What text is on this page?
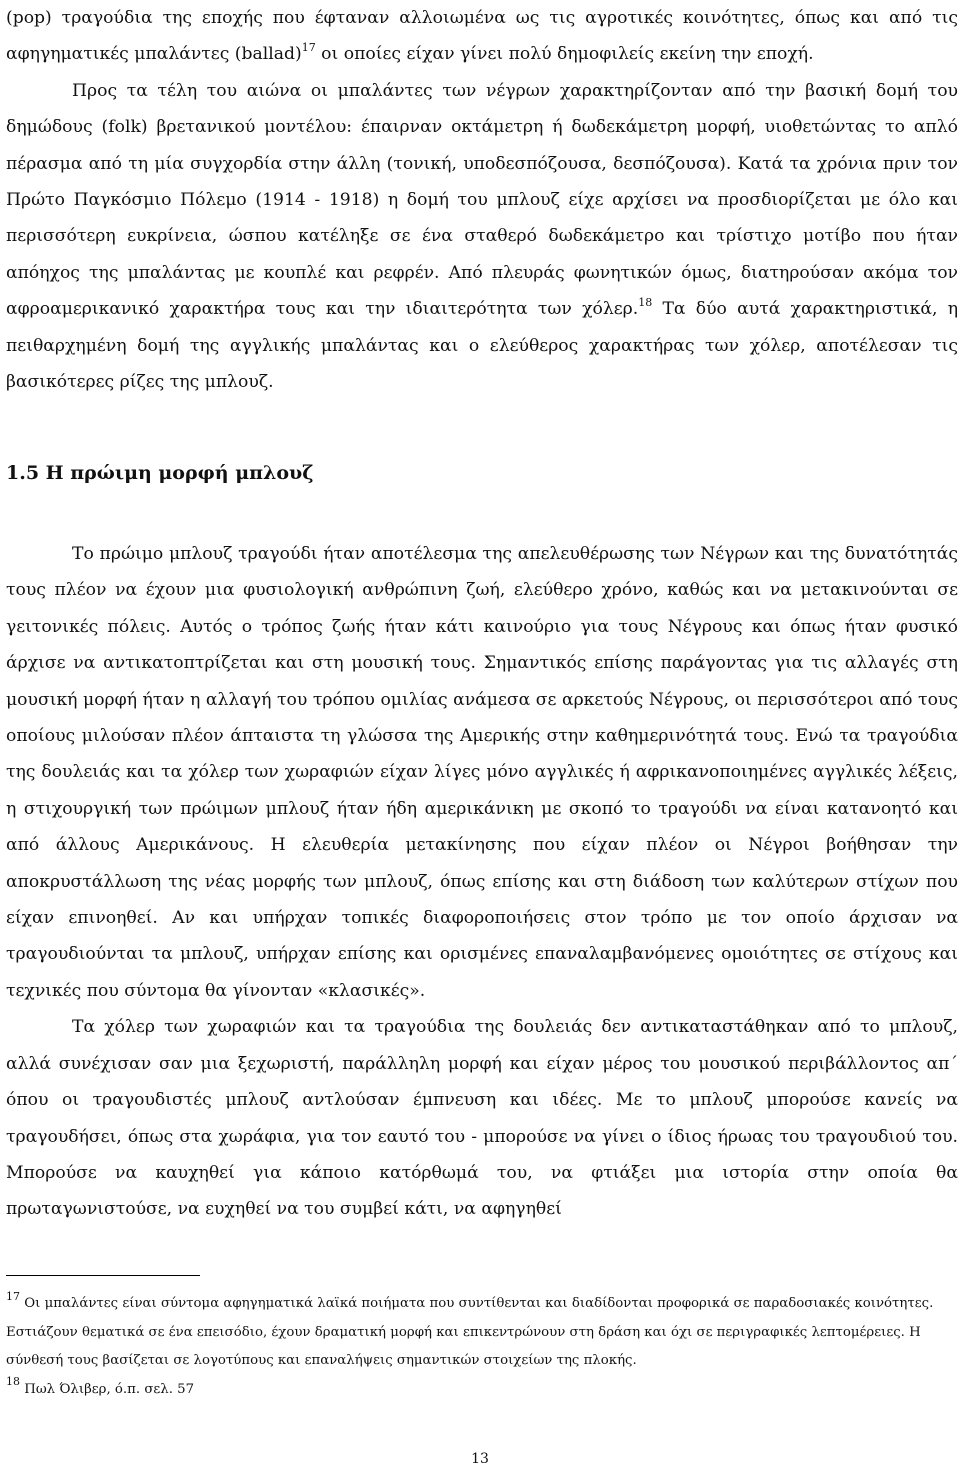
(pop) τραγούδια της εποχής που έφταναν αλλοιωμένα ως τις αγροτικές κοινότητες, όπως και από τις αφηγηματικές μπαλάντες (ballad)$^{17}$ οι οποίες είχαν γίνει πολύ δημοφιλείς εκείνη την εποχή.

Προς τα τέλη του αιώνα οι μπαλάντες των νέγρων χαρακτηρίζονταν από την βασική δομή του δημώδους (folk) βρετανικού μοντέλου: έπαιρναν οκτάμετρη ή δωδεκάμετρη μορφή, υιοθετώντας το απλό πέρασμα από τη μία συγχορδία στην άλλη (τονική, υποδεσπόζουσα, δεσπόζουσα). Κατά τα χρόνια πριν τον Πρώτο Παγκόσμιο Πόλεμο (1914 - 1918) η δομή του μπλουζ είχε αρχίσει να προσδιορίζεται με όλο και περισσότερη ευκρίνεια, ώσπου κατέληξε σε ένα σταθερό δωδεκάμετρο και τρίστιχο μοτίβο που ήταν απόηχος της μπαλάντας με κουπλέ και ρεφρέν. Από πλευράς φωνητικών όμως, διατηρούσαν ακόμα τον αφροαμερικανικό χαρακτήρα τους και την ιδιαιτερότητα των χόλερ.$^{18}$ Τα δύο αυτά χαρακτηριστικά, η πειθαρχημένη δομή της αγγλικής μπαλάντας και ο ελεύθερος χαρακτήρας των χόλερ, αποτέλεσαν τις βασικότερες ρίζες της μπλουζ.

1.5 Η πρώιμη μορφή μπλουζ

Το πρώιμο μπλουζ τραγούδι ήταν αποτέλεσμα της απελευθέρωσης των Νέγρων και της δυνατότητάς τους πλέον να έχουν μια φυσιολογική ανθρώπινη ζωή, ελεύθερο χρόνο, καθώς και να μετακινούνται σε γειτονικές πόλεις. Αυτός ο τρόπος ζωής ήταν κάτι καινούριο για τους Νέγρους και όπως ήταν φυσικό άρχισε να αντικατοπτρίζεται και στη μουσική τους. Σημαντικός επίσης παράγοντας για τις αλλαγές στη μουσική μορφή ήταν η αλλαγή του τρόπου ομιλίας ανάμεσα σε αρκετούς Νέγρους, οι περισσότεροι από τους οποίους μιλούσαν πλέον άπταιστα τη γλώσσα της Αμερικής στην καθημερινότητά τους. Ενώ τα τραγούδια της δουλειάς και τα χόλερ των χωραφιών είχαν λίγες μόνο αγγλικές ή αφρικανοποιημένες αγγλικές λέξεις, η στιχουργική των πρώιμων μπλουζ ήταν ήδη αμερικάνικη με σκοπό το τραγούδι να είναι κατανοητό και από άλλους Αμερικάνους. Η ελευθερία μετακίνησης που είχαν πλέον οι Νέγροι βοήθησαν την αποκρυστάλλωση της νέας μορφής των μπλουζ, όπως επίσης και στη διάδοση των καλύτερων στίχων που είχαν επινοηθεί. Αν και υπήρχαν τοπικές διαφοροποιήσεις στον τρόπο με τον οποίο άρχισαν να τραγουδιούνται τα μπλουζ, υπήρχαν επίσης και ορισμένες επαναλαμβανόμενες ομοιότητες σε στίχους και τεχνικές που σύντομα θα γίνονταν «κλασικές».

Τα χόλερ των χωραφιών και τα τραγούδια της δουλειάς δεν αντικαταστάθηκαν από το μπλουζ, αλλά συνέχισαν σαν μια ξεχωριστή, παράλληλη μορφή και είχαν μέρος του μουσικού περιβάλλοντος απ΄ όπου οι τραγουδιστές μπλουζ αντλούσαν έμπνευση και ιδέες. Με το μπλουζ μπορούσε κανείς να τραγουδήσει, όπως στα χωράφια, για τον εαυτό του - μπορούσε να γίνει ο ίδιος ήρωας του τραγουδιού του. Μπορούσε να καυχηθεί για κάποιο κατόρθωμά του, να φτιάξει μια ιστορία στην οποία θα πρωταγωνιστούσε, να ευχηθεί να του συμβεί κάτι, να αφηγηθεί

$^{17}$ Οι μπαλάντες είναι σύντομα αφηγηματικά λαϊκά ποιήματα που συντίθενται και διαδίδονται προφορικά σε παραδοσιακές κοινότητες. Εστιάζουν θεματικά σε ένα επεισόδιο, έχουν δραματική μορφή και επικεντρώνουν στη δράση και όχι σε περιγραφικές λεπτομέρειες. Η σύνθεσή τους βασίζεται σε λογοτύπους και επαναλήψεις σημαντικών στοιχείων της πλοκής.

$^{18}$ Πωλ Όλιβερ, ό.π. σελ. 57

13
